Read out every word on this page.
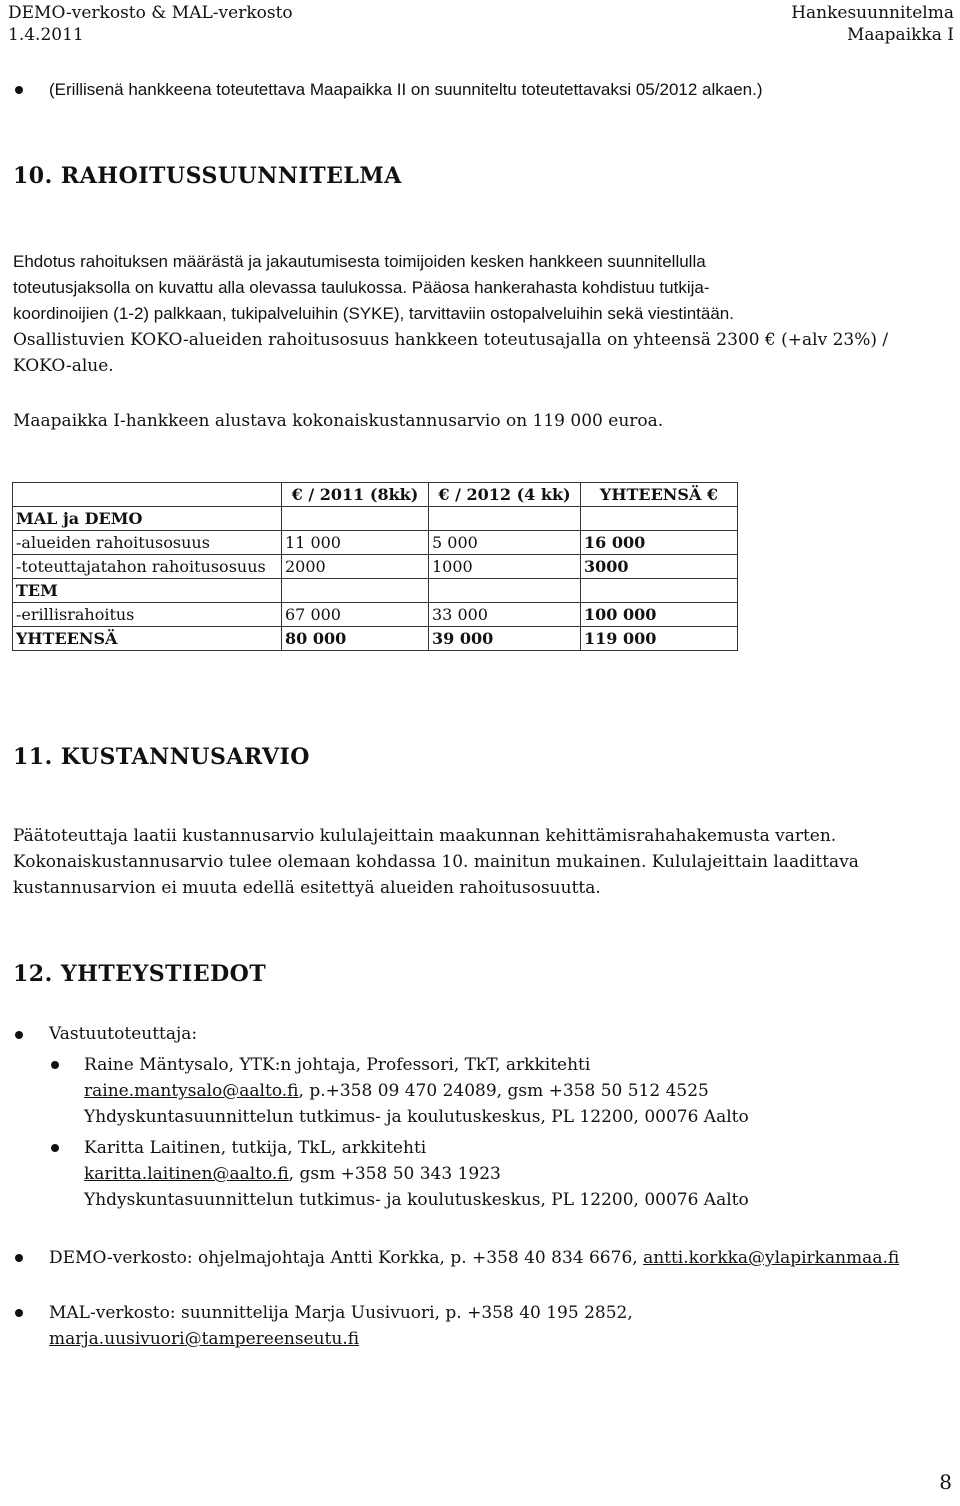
DEMO-verkosto & MAL-verkosto
1.4.2011
Hankesuunnitelma
Maapaikka I
(Erillisenä hankkeena toteutettava Maapaikka II on suunniteltu toteutettavaksi 05/2012 alkaen.)
10. RAHOITUSSUUNNITELMA
Ehdotus rahoituksen määrästä ja jakautumisesta toimijoiden kesken hankkeen suunnitellulla
toteutusjaksolla on kuvattu alla olevassa taulukossa. Pääosa hankerahasta kohdistuu tutkija-
koordinoijien (1-2) palkkaan, tukipalveluihin (SYKE), tarvittaviin ostopalveluihin sekä viestintään.
Osallistuvien KOKO-alueiden rahoitusosuus hankkeen toteutusajalla on yhteensä 2300 € (+alv 23%) /
KOKO-alue.
Maapaikka I-hankkeen alustava kokonaiskustannusarvio on 119 000 euroa.
	€ / 2011 (8kk)	€ / 2012 (4 kk)	YHTEENSÄ €
MAL ja DEMO			
-alueiden rahoitusosuus	11 000	5 000	16 000
-toteuttajatahon rahoitusosuus	2000	1000	3000
TEM			
-erillisrahoitus	67 000	33 000	100 000
YHTEENSÄ	80 000	39 000	119 000
11. KUSTANNUSARVIO
Päätoteuttaja laatii kustannusarvio kululajeittain maakunnan kehittämisrahahakemusta varten.
Kokonaiskustannusarvio tulee olemaan kohdassa 10. mainitun mukainen. Kululajeittain laadittava
kustannusarvion ei muuta edellä esitettyä alueiden rahoitusosuutta.
12. YHTEYSTIEDOT
Vastuutoteuttaja:
Raine Mäntysalo, YTK:n johtaja, Professori, TkT, arkkitehti
raine.mantysalo@aalto.fi, p.+358 09 470 24089, gsm +358 50 512 4525
Yhdyskuntasuunnittelun tutkimus- ja koulutuskeskus, PL 12200, 00076 Aalto
Karitta Laitinen, tutkija, TkL, arkkitehti
karitta.laitinen@aalto.fi, gsm +358 50 343 1923
Yhdyskuntasuunnittelun tutkimus- ja koulutuskeskus, PL 12200, 00076 Aalto
DEMO-verkosto: ohjelmajohtaja Antti Korkka, p. +358 40 834 6676, antti.korkka@ylapirkanmaa.fi
MAL-verkosto: suunnittelija Marja Uusivuori, p. +358 40 195 2852,
marja.uusivuori@tampereenseutu.fi
8
